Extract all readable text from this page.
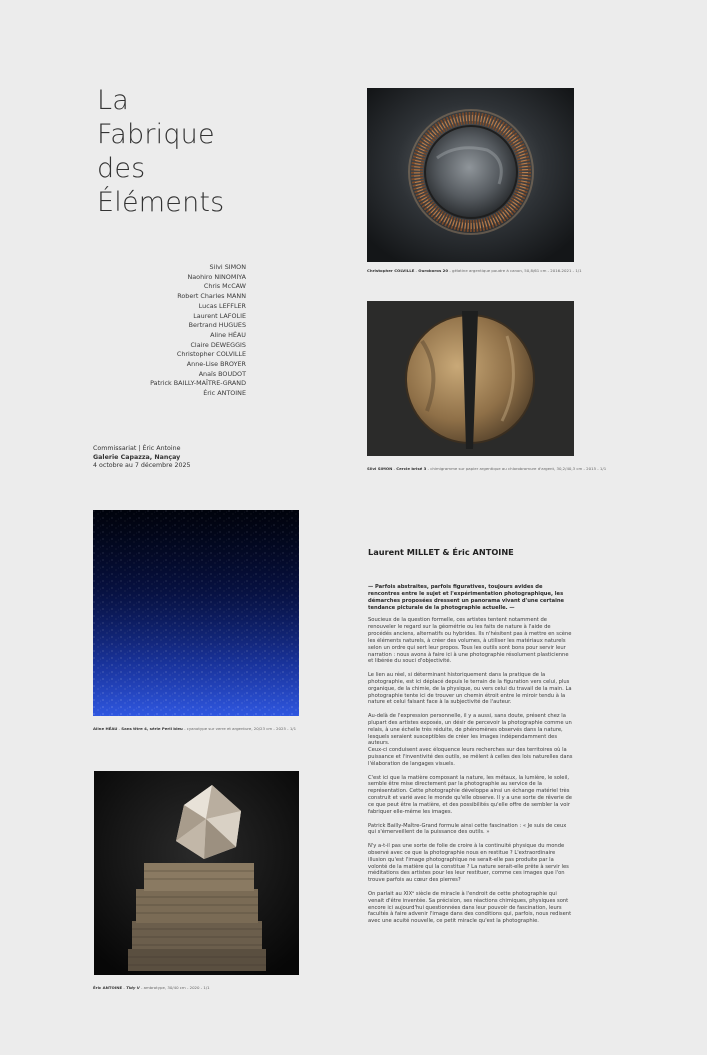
La
Fabrique
des
Éléments
Silvi SIMON
Naohiro NINOMIYA
Chris McCAW
Robert Charles MANN
Lucas LEFFLER
Laurent LAFOLIE
Bertrand HUGUES
Aline HÉAU
Claire DEWEGGIS
Christopher COLVILLE
Anne-Lise BROYER
Anaïs BOUDOT
Patrick BAILLY-MAÎTRE-GRAND
Éric ANTOINE
Commissariat | Éric Antoine
Galerie Capazza, Nançay
4 octobre au 7 décembre 2025
Christopher COLVILLE - Ouroboros 20 - gélatine argentique poudre à canon, 50,8/61 cm - 2016-2021 - 1/1
Silvi SIMON - Cercle brisé 3 - chimigramme sur papier argentique au chlorobromure d'argent, 30,2/40,3 cm - 2015 - 1/1
Aline HÉAU - Sans titre 4, série Peril bleu - cyanotype sur verre et argenture, 20/23 cm - 2025 - 1/1
Éric ANTOINE - Tidy V - ambrotype, 30/40 cm - 2020 - 1/1
Laurent MILLET & Éric ANTOINE

— Parfois abstraites, parfois figuratives, toujours avides de rencontres entre le sujet et l'expérimentation photographique, les démarches proposées dressent un panorama vivant d'une certaine tendance picturale de la photographie actuelle. —

Soucieux de la question formelle, ces artistes tentent notamment de renouveler le regard sur la géométrie ou les faits de nature à l'aide de procédés anciens, alternatifs ou hybrides. Ils n'hésitent pas à mettre en scène les éléments naturels, à créer des volumes, à utiliser les matériaux naturels selon un ordre qui sert leur propos. Tous les outils sont bons pour servir leur narration : nous avons à faire ici à une photographie résolument plasticienne et libérée du souci d'objectivité.

Le lien au réel, si déterminant historiquement dans la pratique de la photographie, est ici déplacé depuis le terrain de la figuration vers celui, plus organique, de la chimie, de la physique, ou vers celui du travail de la main. La photographie tente ici de trouver un chemin étroit entre le miroir tendu à la nature et celui faisant face à la subjectivité de l'auteur.

Au-delà de l'expression personnelle, il y a aussi, sans doute, présent chez la plupart des artistes exposés, un désir de percevoir la photographie comme un relais, à une échelle très réduite, de phénomènes observés dans la nature, lesquels seraient susceptibles de créer les images indépendamment des auteurs.
Ceux-ci conduisent avec éloquence leurs recherches sur des territoires où la puissance et l'inventivité des outils, se mêlent à celles des lois naturelles dans l'élaboration de langages visuels.

C'est ici que la matière composant la nature, les métaux, la lumière, le soleil, semble être mise directement par la photographie au service de la représentation. Cette photographie développe ainsi un échange matériel très construit et varié avec le monde qu'elle observe. Il y a une sorte de rêverie de ce que peut être la matière, et des possibilités qu'elle offre de sembler la voir fabriquer elle-même les images.

Patrick Bailly-Maître-Grand formule ainsi cette fascination : « Je suis de ceux qui s'émerveillent de la puissance des outils. »

N'y a-t-il pas une sorte de folie de croire à la continuité physique du monde observé avec ce que la photographie nous en restitue ? L'extraordinaire illusion qu'est l'image photographique ne serait-elle pas produite par la volonté de la matière qui la constitue ? La nature serait-elle prête à servir les méditations des artistes pour les leur restituer, comme ces images que l'on trouve parfois au cœur des pierres?

On parlait au XIXᵉ siècle de miracle à l'endroit de cette photographie qui venait d'être inventée. Sa précision, ses réactions chimiques, physiques sont encore ici aujourd'hui questionnées dans leur pouvoir de fascination, leurs facultés à faire advenir l'image dans des conditions qui, parfois, nous redisent avec une acuité nouvelle, ce petit miracle qu'est la photographie.
